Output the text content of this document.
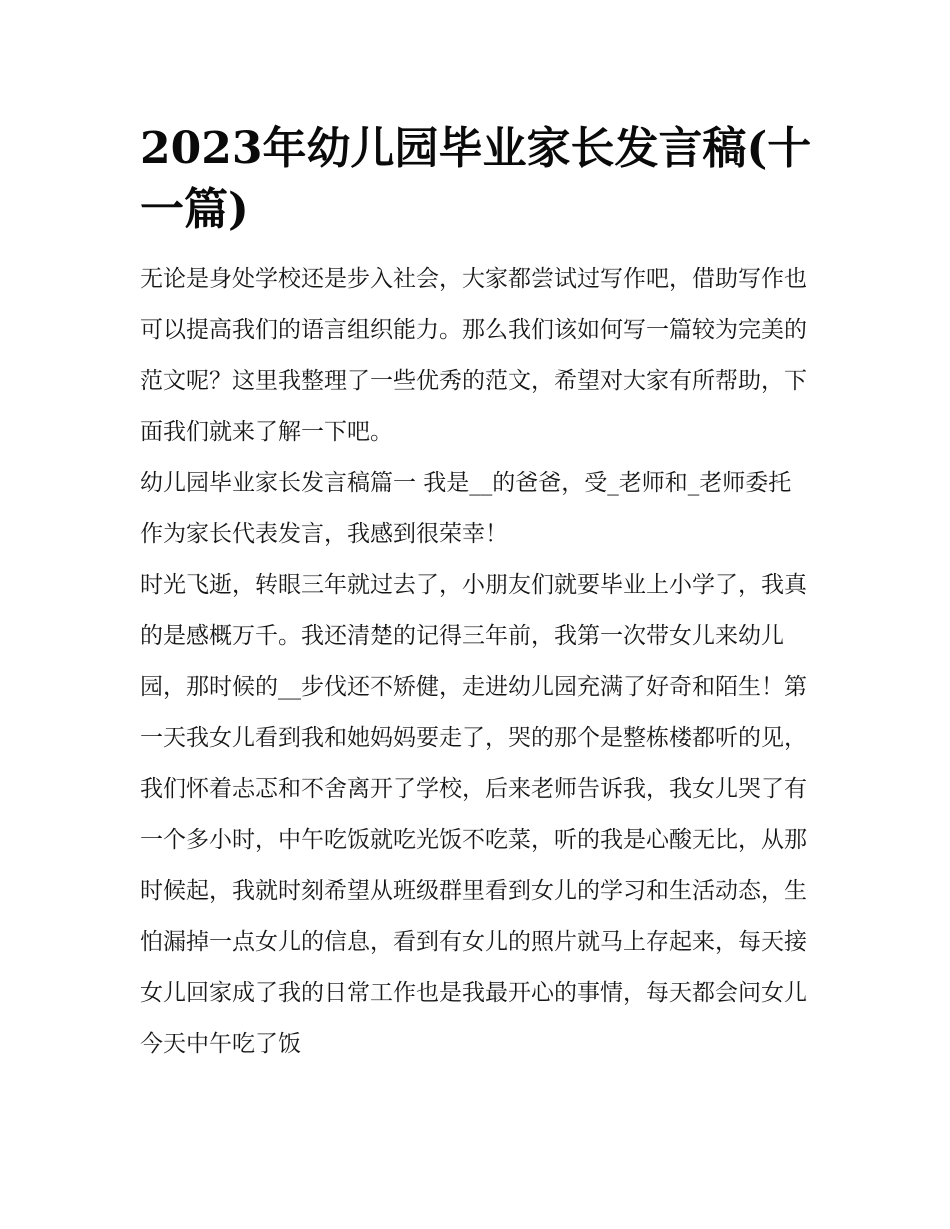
2023年幼儿园毕业家长发言稿(十一篇)

无论是身处学校还是步入社会，大家都尝试过写作吧，借助写作也可以提高我们的语言组织能力。那么我们该如何写一篇较为完美的范文呢？这里我整理了一些优秀的范文，希望对大家有所帮助，下面我们就来了解一下吧。

幼儿园毕业家长发言稿篇一 我是__的爸爸，受_老师和_老师委托作为家长代表发言，我感到很荣幸！

时光飞逝，转眼三年就过去了，小朋友们就要毕业上小学了，我真的是感概万千。我还清楚的记得三年前，我第一次带女儿来幼儿园，那时候的__步伐还不矫健，走进幼儿园充满了好奇和陌生！第一天我女儿看到我和她妈妈要走了，哭的那个是整栋楼都听的见，我们怀着忐忑和不舍离开了学校，后来老师告诉我，我女儿哭了有一个多小时，中午吃饭就吃光饭不吃菜，听的我是心酸无比，从那时候起，我就时刻希望从班级群里看到女儿的学习和生活动态，生怕漏掉一点女儿的信息，看到有女儿的照片就马上存起来，每天接女儿回家成了我的日常工作也是我最开心的事情，每天都会问女儿今天中午吃了饭
